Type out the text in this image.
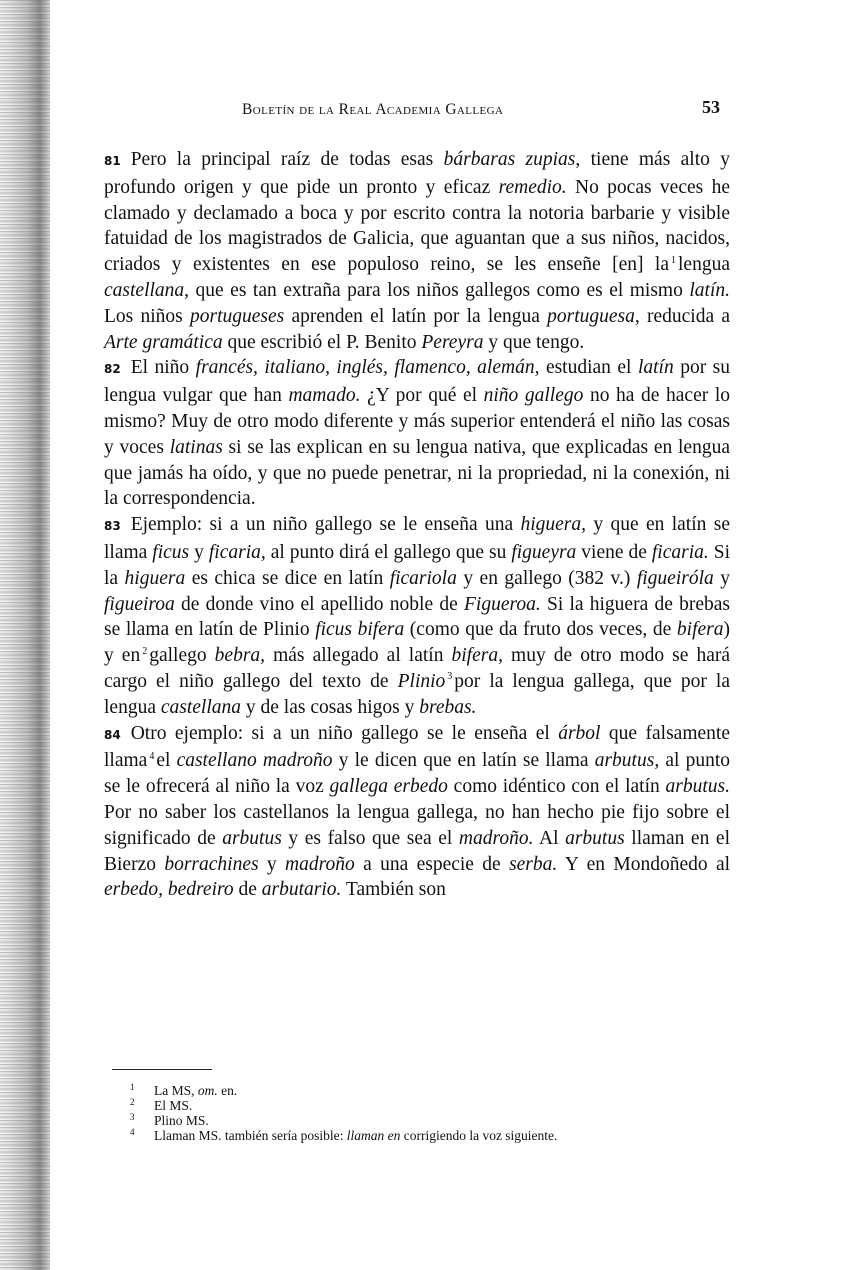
Boletín de la Real Academia Gallega	53

81 Pero la principal raíz de todas esas bárbaras zupias, tiene más alto y profundo origen y que pide un pronto y eficaz remedio. No pocas veces he clamado y declamado a boca y por escrito contra la notoria barbarie y visible fatuidad de los magistrados de Galicia, que aguantan que a sus niños, nacidos, criados y existentes en ese populoso reino, se les enseñe [en] la $^1$ lengua castellana, que es tan extraña para los niños gallegos como es el mismo latín. Los niños portugueses aprenden el latín por la lengua portuguesa, reducida a Arte gramática que escribió el P. Benito Pereyra y que tengo.

82 El niño francés, italiano, inglés, flamenco, alemán, estudian el latín por su lengua vulgar que han mamado. ¿Y por qué el niño gallego no ha de hacer lo mismo? Muy de otro modo diferente y más superior entenderá el niño las cosas y voces latinas si se las explican en su lengua nativa, que explicadas en lengua que jamás ha oído, y que no puede penetrar, ni la propriedad, ni la conexión, ni la correspondencia.

83 Ejemplo: si a un niño gallego se le enseña una higuera, y que en latín se llama ficus y ficaria, al punto dirá el gallego que su figueyra viene de ficaria. Si la higuera es chica se dice en latín ficariola y en gallego (382 v.) figueiróla y figueiroa de donde vino el apellido noble de Figueroa. Si la higuera de brebas se llama en latín de Plinio ficus bifera (como que da fruto dos veces, de bifera) y en $^2$ gallego bebra, más allegado al latín bifera, muy de otro modo se hará cargo el niño gallego del texto de Plinio $^3$ por la lengua gallega, que por la lengua castellana y de las cosas higos y brebas.

84 Otro ejemplo: si a un niño gallego se le enseña el árbol que falsamente llama $^4$ el castellano madroño y le dicen que en latín se llama arbutus, al punto se le ofrecerá al niño la voz gallega erbedo como idéntico con el latín arbutus. Por no saber los castellanos la lengua gallega, no han hecho pie fijo sobre el significado de arbutus y es falso que sea el madroño. Al arbutus llaman en el Bierzo borrachines y madroño a una especie de serba. Y en Mondoñedo al erbedo, bedreiro de arbutario. También son

1 La MS, om. en.
2 El MS.
3 Plino MS.
4 Llaman MS. también sería posible: llaman en corrigiendo la voz siguiente.
